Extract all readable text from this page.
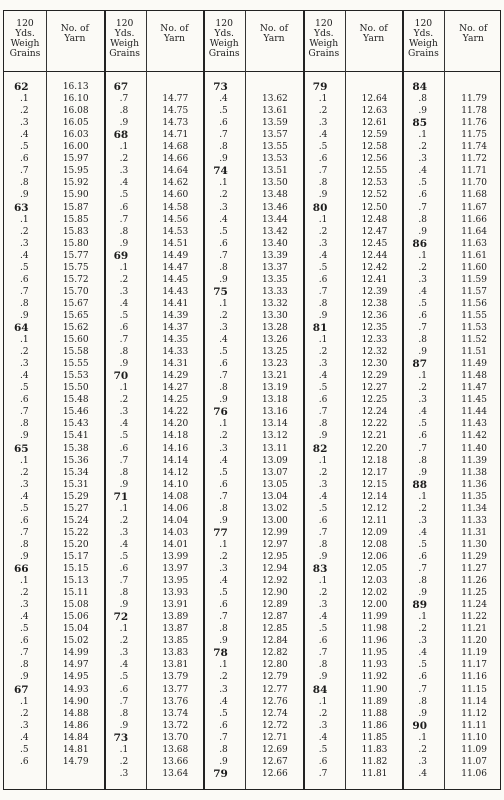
120
Yds.
Weigh
Grains
No. of
Yarn
62	16.13
.1	16.10
.2	16.08
.3	16.05
.4	16.03
.5	16.00
.6	15.97
.7	15.95
.8	15.92
.9	15.90
63	15.87
.1	15.85
.2	15.83
.3	15.80
.4	15.77
.5	15.75
.6	15.72
.7	15.70
.8	15.67
.9	15.65
64	15.62
.1	15.60
.2	15.58
.3	15.55
.4	15.53
.5	15.50
.6	15.48
.7	15.46
.8	15.43
.9	15.41
65	15.38
.1	15.36
.2	15.34
.3	15.31
.4	15.29
.5	15.27
.6	15.24
.7	15.22
.8	15.20
.9	15.17
66	15.15
.1	15.13
.2	15.11
.3	15.08
.4	15.06
.5	15.04
.6	15.02
.7	14.99
.8	14.97
.9	14.95
67	14.93
.1	14.90
.2	14.88
.3	14.86
.4	14.84
.5	14.81
.6	14.79
120
Yds.
Weigh
Grains
No. of
Yarn
67
.7	14.77
.8	14.75
.9	14.73
68	14.71
.1	14.68
.2	14.66
.3	14.64
.4	14.62
.5	14.60
.6	14.58
.7	14.56
.8	14.53
.9	14.51
69	14.49
.1	14.47
.2	14.45
.3	14.43
.4	14.41
.5	14.39
.6	14.37
.7	14.35
.8	14.33
.9	14.31
70	14.29
.1	14.27
.2	14.25
.3	14.22
.4	14.20
.5	14.18
.6	14.16
.7	14.14
.8	14.12
.9	14.10
71	14.08
.1	14.06
.2	14.04
.3	14.03
.4	14.01
.5	13.99
.6	13.97
.7	13.95
.8	13.93
.9	13.91
72	13.89
.1	13.87
.2	13.85
.3	13.83
.4	13.81
.5	13.79
.6	13.77
.7	13.76
.8	13.74
.9	13.72
73	13.70
.1	13.68
.2	13.66
.3	13.64
120
Yds.
Weigh
Grains
No. of
Yarn
73
.4	13.62
.5	13.61
.6	13.59
.7	13.57
.8	13.55
.9	13.53
74	13.51
.1	13.50
.2	13.48
.3	13.46
.4	13.44
.5	13.42
.6	13.40
.7	13.39
.8	13.37
.9	13.35
75	13.33
.1	13.32
.2	13.30
.3	13.28
.4	13.26
.5	13.25
.6	13.23
.7	13.21
.8	13.19
.9	13.18
76	13.16
.1	13.14
.2	13.12
.3	13.11
.4	13.09
.5	13.07
.6	13.05
.7	13.04
.8	13.02
.9	13.00
77	12.99
.1	12.97
.2	12.95
.3	12.94
.4	12.92
.5	12.90
.6	12.89
.7	12.87
.8	12.85
.9	12.84
78	12.82
.1	12.80
.2	12.79
.3	12.77
.4	12.76
.5	12.74
.6	12.72
.7	12.71
.8	12.69
.9	12.67
79	12.66
120
Yds.
Weigh
Grains
No. of
Yarn
79
.1	12.64
.2	12.63
.3	12.61
.4	12.59
.5	12.58
.6	12.56
.7	12.55
.8	12.53
.9	12.52
80	12.50
.1	12.48
.2	12.47
.3	12.45
.4	12.44
.5	12.42
.6	12.41
.7	12.39
.8	12.38
.9	12.36
81	12.35
.1	12.33
.2	12.32
.3	12.30
.4	12.29
.5	12.27
.6	12.25
.7	12.24
.8	12.22
.9	12.21
82	12.20
.1	12.18
.2	12.17
.3	12.15
.4	12.14
.5	12.12
.6	12.11
.7	12.09
.8	12.08
.9	12.06
83	12.05
.1	12.03
.2	12.02
.3	12.00
.4	11.99
.5	11.98
.6	11.96
.7	11.95
.8	11.93
.9	11.92
84	11.90
.1	11.89
.2	11.88
.3	11.86
.4	11.85
.5	11.83
.6	11.82
.7	11.81
120
Yds.
Weigh
Grains
No. of
Yarn
84
.8	11.79
.9	11.78
85	11.76
.1	11.75
.2	11.74
.3	11.72
.4	11.71
.5	11.70
.6	11.68
.7	11.67
.8	11.66
.9	11.64
86	11.63
.1	11.61
.2	11.60
.3	11.59
.4	11.57
.5	11.56
.6	11.55
.7	11.53
.8	11.52
.9	11.51
87	11.49
.1	11.48
.2	11.47
.3	11.45
.4	11.44
.5	11.43
.6	11.42
.7	11.40
.8	11.39
.9	11.38
88	11.36
.1	11.35
.2	11.34
.3	11.33
.4	11.31
.5	11.30
.6	11.29
.7	11.27
.8	11.26
.9	11.25
89	11.24
.1	11.22
.2	11.21
.3	11.20
.4	11.19
.5	11.17
.6	11.16
.7	11.15
.8	11.14
.9	11.12
90	11.11
.1	11.10
.2	11.09
.3	11.07
.4	11.06
